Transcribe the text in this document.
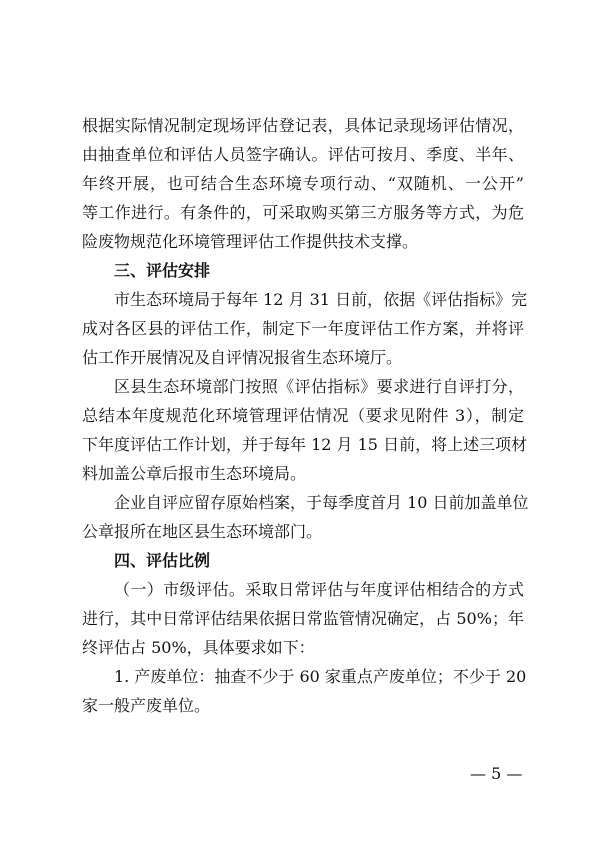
根据实际情况制定现场评估登记表，具体记录现场评估情况，
由抽查单位和评估人员签字确认。评估可按月、季度、半年、
年终开展，也可结合生态环境专项行动、“双随机、一公开”
等工作进行。有条件的，可采取购买第三方服务等方式，为危
险废物规范化环境管理评估工作提供技术支撑。
三、评估安排
市生态环境局于每年 12 月 31 日前，依据《评估指标》完
成对各区县的评估工作，制定下一年度评估工作方案，并将评
估工作开展情况及自评情况报省生态环境厅。
区县生态环境部门按照《评估指标》要求进行自评打分，
总结本年度规范化环境管理评估情况（要求见附件 3），制定
下年度评估工作计划，并于每年 12 月 15 日前，将上述三项材
料加盖公章后报市生态环境局。
企业自评应留存原始档案，于每季度首月 10 日前加盖单位
公章报所在地区县生态环境部门。
四、评估比例
（一）市级评估。采取日常评估与年度评估相结合的方式
进行，其中日常评估结果依据日常监管情况确定，占 50%；年
终评估占 50%，具体要求如下：
1. 产废单位：抽查不少于 60 家重点产废单位；不少于 20
家一般产废单位。
— 5 —
